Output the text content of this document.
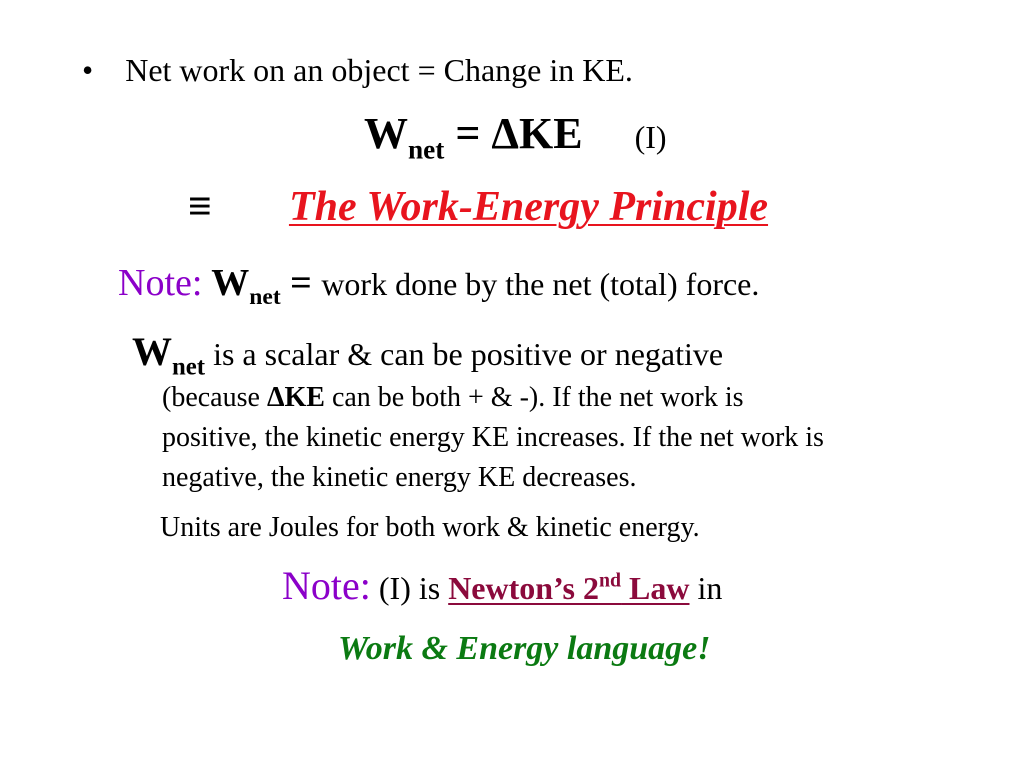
• Net work on an object = Change in KE.
$W_{net} = \Delta KE$ (I)
≡ The Work-Energy Principle
Note: $W_{net}$ = work done by the net (total) force.
$W_{net}$ is a scalar & can be positive or negative
(because ΔKE can be both + & -). If the net work is
positive, the kinetic energy KE increases. If the net work is
negative, the kinetic energy KE decreases.
Units are Joules for both work & kinetic energy.
Note: (I) is Newton’s 2nd Law in
Work & Energy language!
